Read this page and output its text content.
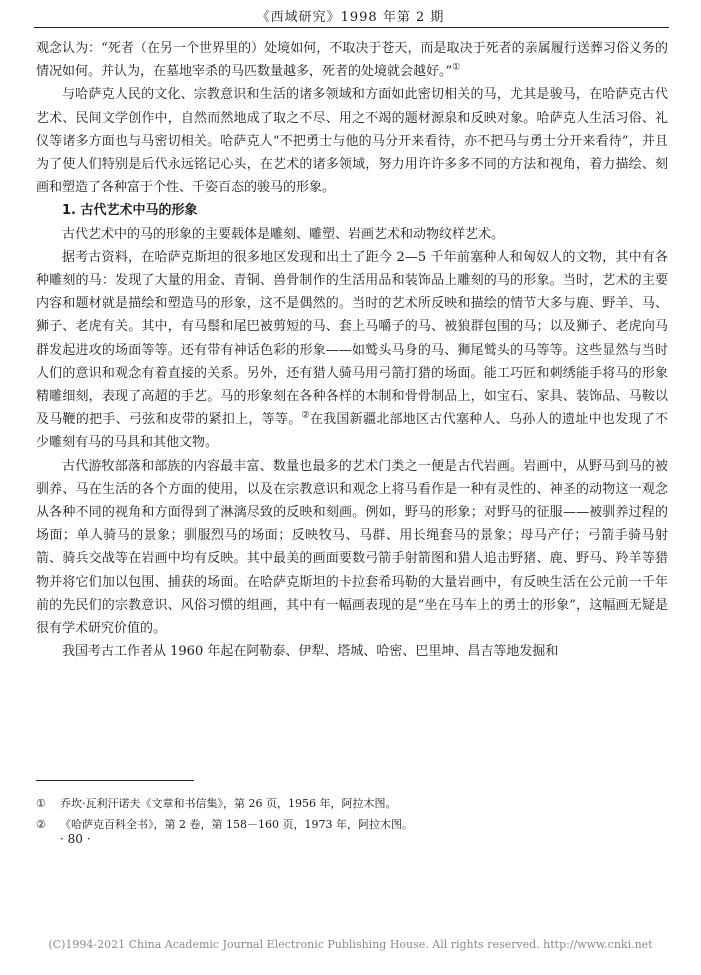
《西域研究》1998 年第 2 期

观念认为：“死者（在另一个世界里的）处境如何，不取决于苍天，而是取决于死者的亲属履行送葬习俗义务的情况如何。并认为，在墓地宰杀的马匹数量越多，死者的处境就会越好。”①

与哈萨克人民的文化、宗教意识和生活的诸多领域和方面如此密切相关的马，尤其是骏马，在哈萨克古代艺术、民间文学创作中，自然而然地成了取之不尽、用之不竭的题材源泉和反映对象。哈萨克人生活习俗、礼仪等诸多方面也与马密切相关。哈萨克人“不把勇士与他的马分开来看待，亦不把马与勇士分开来看待”，并且为了使人们特别是后代永远铭记心头，在艺术的诸多领域，努力用许许多多不同的方法和视角，着力描绘、刻画和塑造了各种富于个性、千姿百态的骏马的形象。

1. 古代艺术中马的形象

古代艺术中的马的形象的主要载体是雕刻、雕塑、岩画艺术和动物纹样艺术。

据考古资料，在哈萨克斯坦的很多地区发现和出土了距今 2—5 千年前塞种人和匈奴人的文物，其中有各种雕刻的马：发现了大量的用金、青铜、兽骨制作的生活用品和装饰品上雕刻的马的形象。当时，艺术的主要内容和题材就是描绘和塑造马的形象，这不是偶然的。当时的艺术所反映和描绘的情节大多与鹿、野羊、马、狮子、老虎有关。其中，有马鬃和尾巴被剪短的马、套上马嚼子的马、被狼群包围的马；以及狮子、老虎向马群发起进攻的场面等等。还有带有神话色彩的形象——如鹫头马身的马、狮尾鹫头的马等等。这些显然与当时人们的意识和观念有着直接的关系。另外，还有猎人骑马用弓箭打猎的场面。能工巧匠和刺绣能手将马的形象精雕细刻，表现了高超的手艺。马的形象刻在各种各样的木制和骨骨制品上，如宝石、家具、装饰品、马鞍以及马鞭的把手、弓弦和皮带的紧扣上，等等。②在我国新疆北部地区古代塞种人、乌孙人的遗址中也发现了不少雕刻有马的马具和其他文物。

古代游牧部落和部族的内容最丰富、数量也最多的艺术门类之一便是古代岩画。岩画中，从野马到马的被驯养、马在生活的各个方面的使用，以及在宗教意识和观念上将马看作是一种有灵性的、神圣的动物这一观念从各种不同的视角和方面得到了淋漓尽致的反映和刻画。例如，野马的形象；对野马的征服——被驯养过程的场面；单人骑马的景象；驯服烈马的场面；反映牧马、马群、用长绳套马的景象；母马产仔；弓箭手骑马射箭、骑兵交战等在岩画中均有反映。其中最美的画面要数弓箭手射箭图和猎人追击野猪、鹿、野马、羚羊等猎物并将它们加以包围、捕获的场面。在哈萨克斯坦的卡拉套希玛勒的大量岩画中，有反映生活在公元前一千年前的先民们的宗教意识、风俗习惯的组画，其中有一幅画表现的是“坐在马车上的勇士的形象”，这幅画无疑是很有学术研究价值的。

我国考古工作者从 1960 年起在阿勒泰、伊犁、塔城、哈密、巴里坤、昌吉等地发掘和

①	乔坎·瓦利汗诺夫《文章和书信集》，第 26 页，1956 年，阿拉木图。
②	《哈萨克百科全书》，第 2 卷，第 158－160 页，1973 年，阿拉木图。
· 80 ·
(C)1994-2021 China Academic Journal Electronic Publishing House. All rights reserved. http://www.cnki.net
